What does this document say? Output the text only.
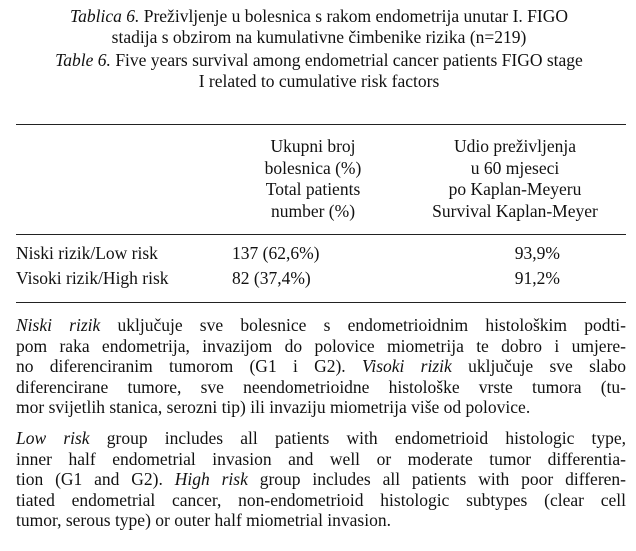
Tablica 6. Preživljenje u bolesnica s rakom endometrija unutar I. FIGO
stadija s obzirom na kumulativne čimbenike rizika (n=219)
Table 6. Five years survival among endometrial cancer patients FIGO stage
I related to cumulative risk factors
Ukupni broj
bolesnica (%)
Total patients
number (%)
Udio preživljenja
u 60 mjeseci
po Kaplan-Meyeru
Survival Kaplan-Meyer
Niski rizik/Low risk	137 (62,6%)	93,9%
Visoki rizik/High risk	82 (37,4%)	91,2%
Niski rizik uključuje sve bolesnice s endometrioidnim histološkim podti-
pom raka endometrija, invazijom do polovice miometrija te dobro i umjere-
no diferenciranim tumorom (G1 i G2). Visoki rizik uključuje sve slabo
diferencirane tumore, sve neendometrioidne histološke vrste tumora (tu-
mor svijetlih stanica, serozni tip) ili invaziju miometrija više od polovice.
Low risk group includes all patients with endometrioid histologic type,
inner half endometrial invasion and well or moderate tumor differentia-
tion (G1 and G2). High risk group includes all patients with poor differen-
tiated endometrial cancer, non-endometrioid histologic subtypes (clear cell
tumor, serous type) or outer half miometrial invasion.
